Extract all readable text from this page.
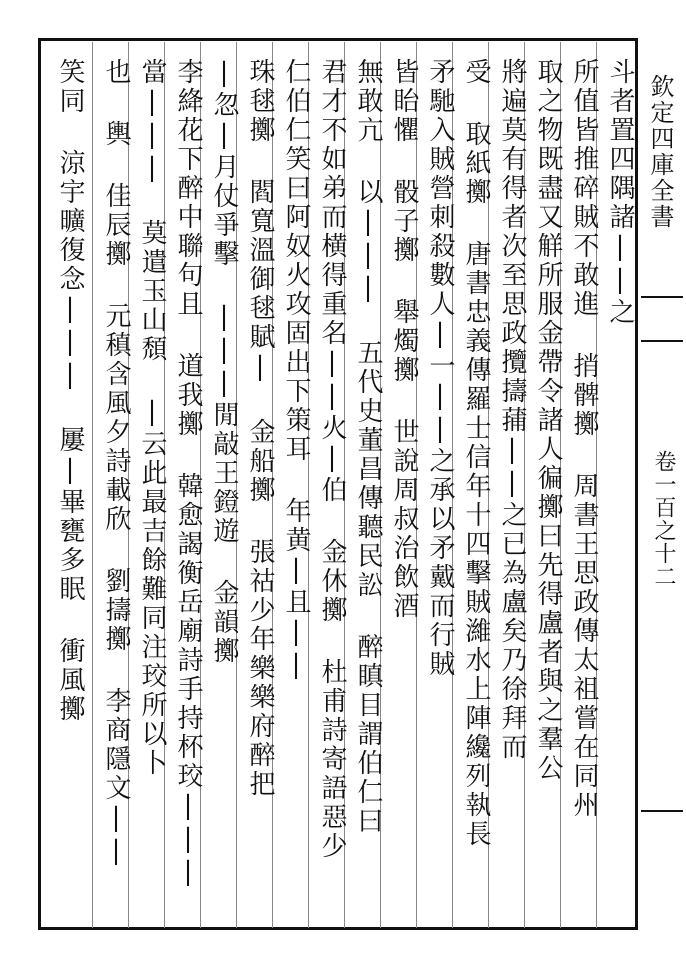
欽定四庫全書
卷一百之十二
斗者置四隅諸||之
所值皆推碎賊不敢進 捎髀擲 周書王思政傳太祖嘗在同州
取之物既盡又觧所服金帶令諸人徧擲曰先得盧者與之羣公
將遍莫有得者次至思政攬擣蒱||之已為盧矣乃徐拜而
受 取紙擲 唐書忠義傳羅士信年十四擊賊濰水上陣纔列執長
矛馳入賊營刺殺數人|一||之承以矛戴而行賊
皆眙懼 骰子擲 舉燭擲 世說周叔治飲酒
無敢亢 以||| 五代史董昌傳聽民訟 醉瞋目謂伯仁曰
君才不如弟而横得重名||火|伯 金休擲 杜甫詩寄語惡少
仁伯仁笑曰阿奴火攻固出下策耳 年黄|且||
珠毬擲 閻寬溫御毬賦| 金船擲 張祜少年樂樂府醉把
|忽|月仗爭擊 |||閒敲王鐙遊 金韻擲
李絳花下醉中聯句且 道我擲 韓愈謁衡岳廟詩手持杯珓|||
當||| 莫遣玉山頹 |云此最吉餘難同注珓所以卜
也 輿 佳辰擲 元稹含風夕詩載欣 劉擣擲 李商隱文||
笑同 涼宇曠復念||| 屢|畢甕多眠 衝風擲
